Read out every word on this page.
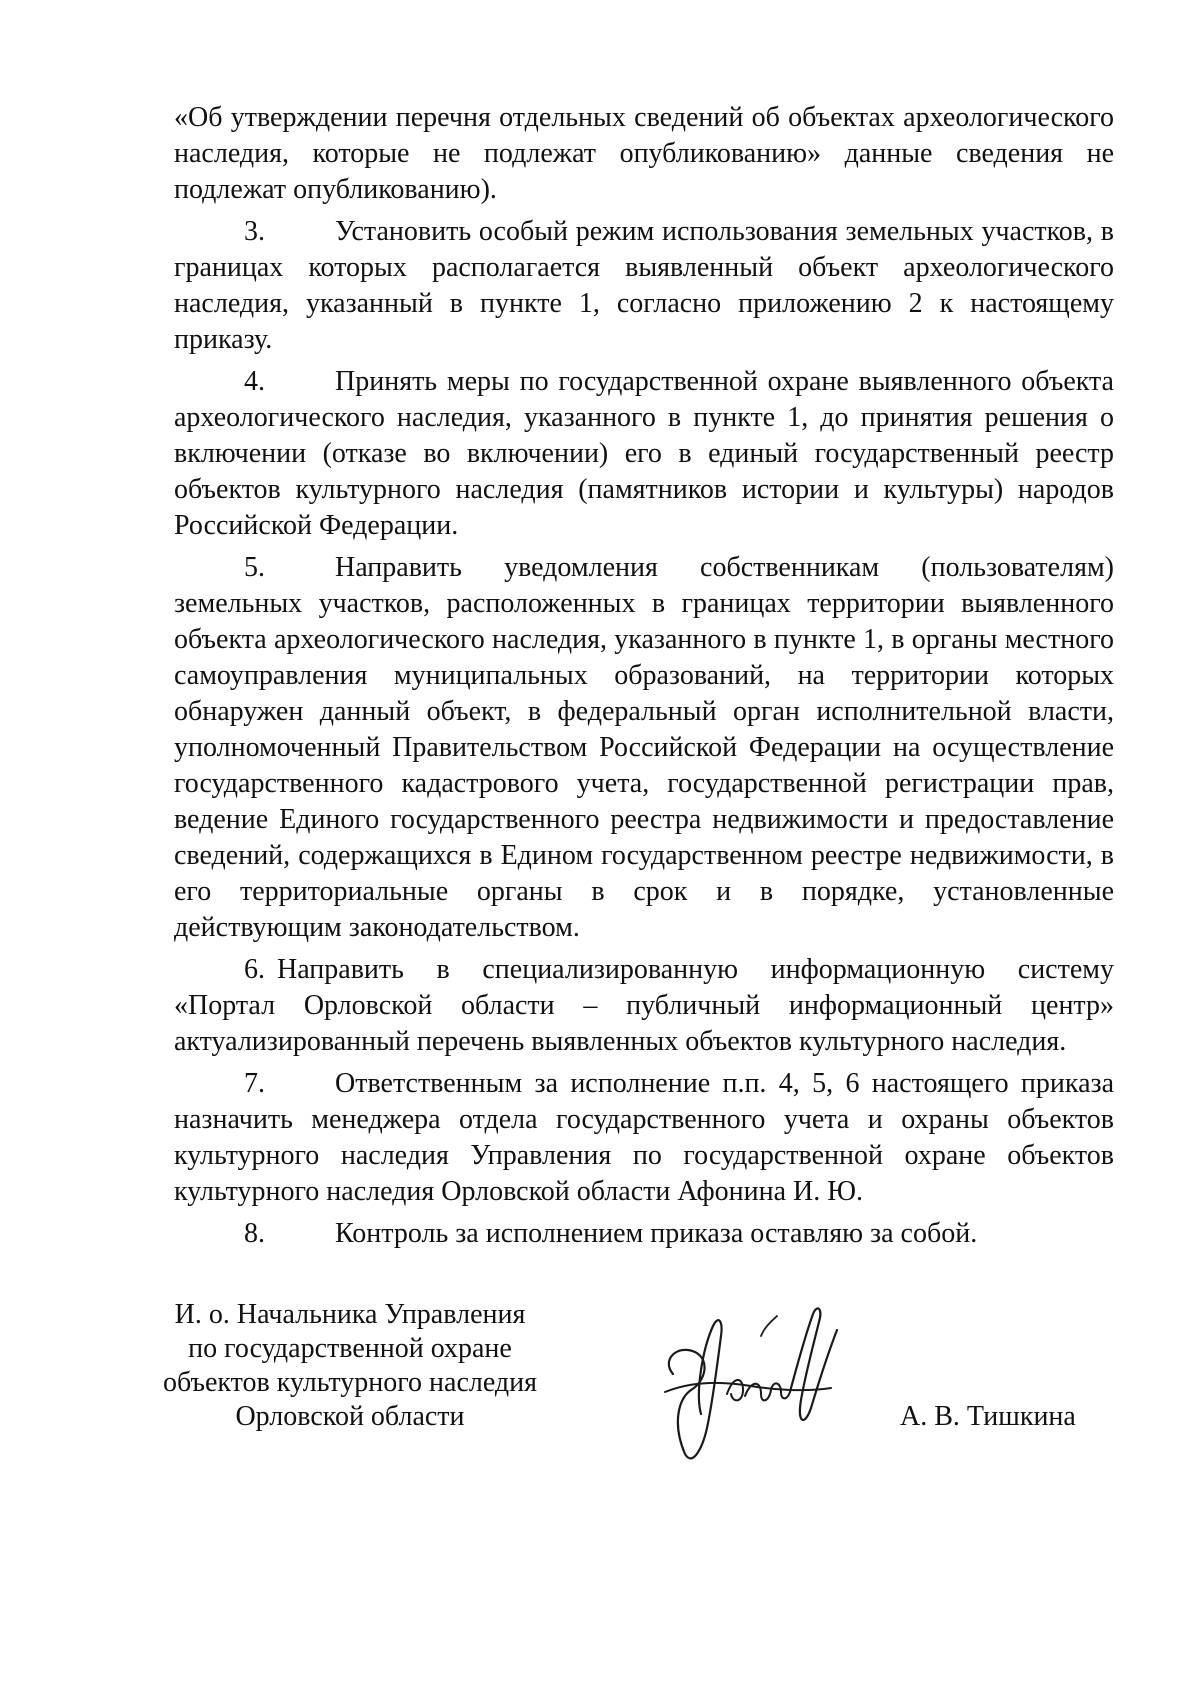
«Об утверждении перечня отдельных сведений об объектах археологического наследия, которые не подлежат опубликованию» данные сведения не подлежат опубликованию).

3.	Установить особый режим использования земельных участков, в границах которых располагается выявленный объект археологического наследия, указанный в пункте 1, согласно приложению 2 к настоящему приказу.

4.	Принять меры по государственной охране выявленного объекта археологического наследия, указанного в пункте 1, до принятия решения о включении (отказе во включении) его в единый государственный реестр объектов культурного наследия (памятников истории и культуры) народов Российской Федерации.

5.	Направить уведомления собственникам (пользователям) земельных участков, расположенных в границах территории выявленного объекта археологического наследия, указанного в пункте 1, в органы местного самоуправления муниципальных образований, на территории которых обнаружен данный объект, в федеральный орган исполнительной власти, уполномоченный Правительством Российской Федерации на осуществление государственного кадастрового учета, государственной регистрации прав, ведение Единого государственного реестра недвижимости и предоставление сведений, содержащихся в Едином государственном реестре недвижимости, в его территориальные органы в срок и в порядке, установленные действующим законодательством.

6. Направить в специализированную информационную систему «Портал Орловской области – публичный информационный центр» актуализированный перечень выявленных объектов культурного наследия.

7.	Ответственным за исполнение п.п. 4, 5, 6 настоящего приказа назначить менеджера отдела государственного учета и охраны объектов культурного наследия Управления по государственной охране объектов культурного наследия Орловской области Афонина И. Ю.

8.	Контроль за исполнением приказа оставляю за собой.

И. о. Начальника Управления
по государственной охране
объектов культурного наследия
Орловской области	А. В. Тишкина
